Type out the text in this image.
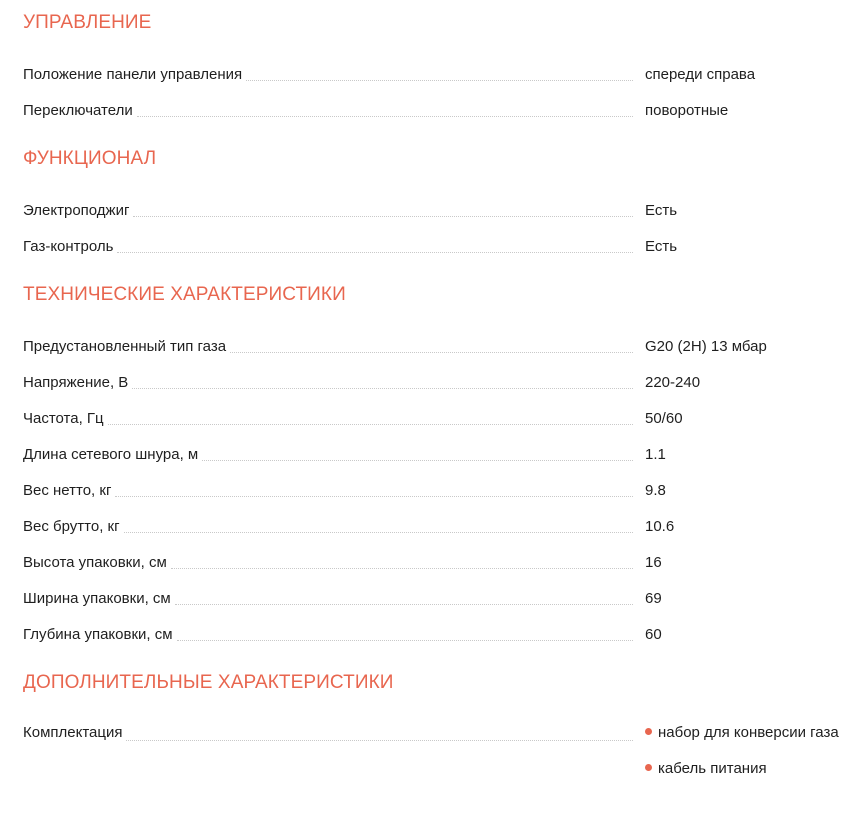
УПРАВЛЕНИЕ
Положение панели управления	спереди справа
Переключатели	поворотные
ФУНКЦИОНАЛ
Электроподжиг	Есть
Газ-контроль	Есть
ТЕХНИЧЕСКИЕ ХАРАКТЕРИСТИКИ
Предустановленный тип газа	G20 (2H) 13 мбар
Напряжение, В	220-240
Частота, Гц	50/60
Длина сетевого шнура, м	1.1
Вес нетто, кг	9.8
Вес брутто, кг	10.6
Высота упаковки, см	16
Ширина упаковки, см	69
Глубина упаковки, см	60
ДОПОЛНИТЕЛЬНЫЕ ХАРАКТЕРИСТИКИ
Комплектация	набор для конверсии газа
кабель питания
